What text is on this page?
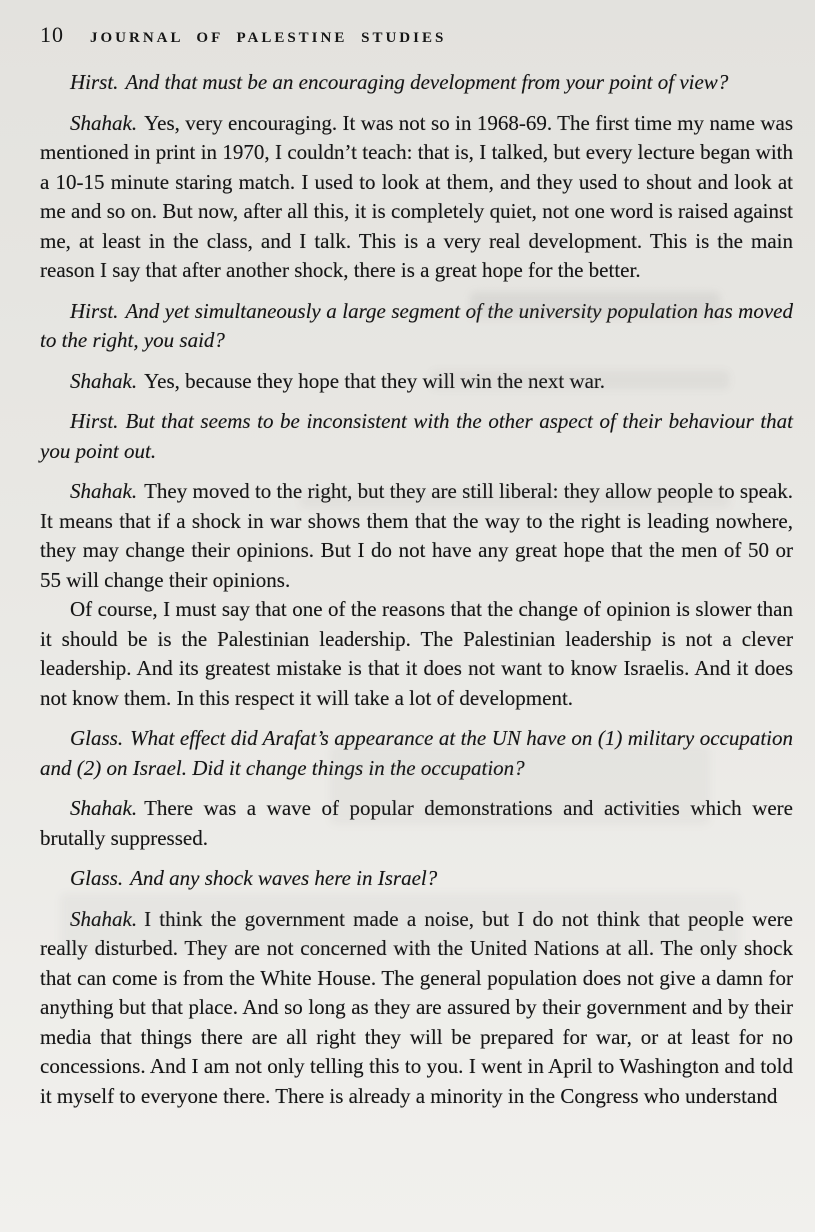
10 JOURNAL OF PALESTINE STUDIES

Hirst. And that must be an encouraging development from your point of view?

Shahak. Yes, very encouraging. It was not so in 1968-69. The first time my name was mentioned in print in 1970, I couldn’t teach: that is, I talked, but every lecture began with a 10-15 minute staring match. I used to look at them, and they used to shout and look at me and so on. But now, after all this, it is completely quiet, not one word is raised against me, at least in the class, and I talk. This is a very real development. This is the main reason I say that after another shock, there is a great hope for the better.

Hirst. And yet simultaneously a large segment of the university population has moved to the right, you said?

Shahak. Yes, because they hope that they will win the next war.

Hirst. But that seems to be inconsistent with the other aspect of their behaviour that you point out.

Shahak. They moved to the right, but they are still liberal: they allow people to speak. It means that if a shock in war shows them that the way to the right is leading nowhere, they may change their opinions. But I do not have any great hope that the men of 50 or 55 will change their opinions.

Of course, I must say that one of the reasons that the change of opinion is slower than it should be is the Palestinian leadership. The Palestinian leadership is not a clever leadership. And its greatest mistake is that it does not want to know Israelis. And it does not know them. In this respect it will take a lot of development.

Glass. What effect did Arafat’s appearance at the UN have on (1) military occupation and (2) on Israel. Did it change things in the occupation?

Shahak. There was a wave of popular demonstrations and activities which were brutally suppressed.

Glass. And any shock waves here in Israel?

Shahak. I think the government made a noise, but I do not think that people were really disturbed. They are not concerned with the United Nations at all. The only shock that can come is from the White House. The general population does not give a damn for anything but that place. And so long as they are assured by their government and by their media that things there are all right they will be prepared for war, or at least for no concessions. And I am not only telling this to you. I went in April to Washington and told it myself to everyone there. There is already a minority in the Congress who understand
